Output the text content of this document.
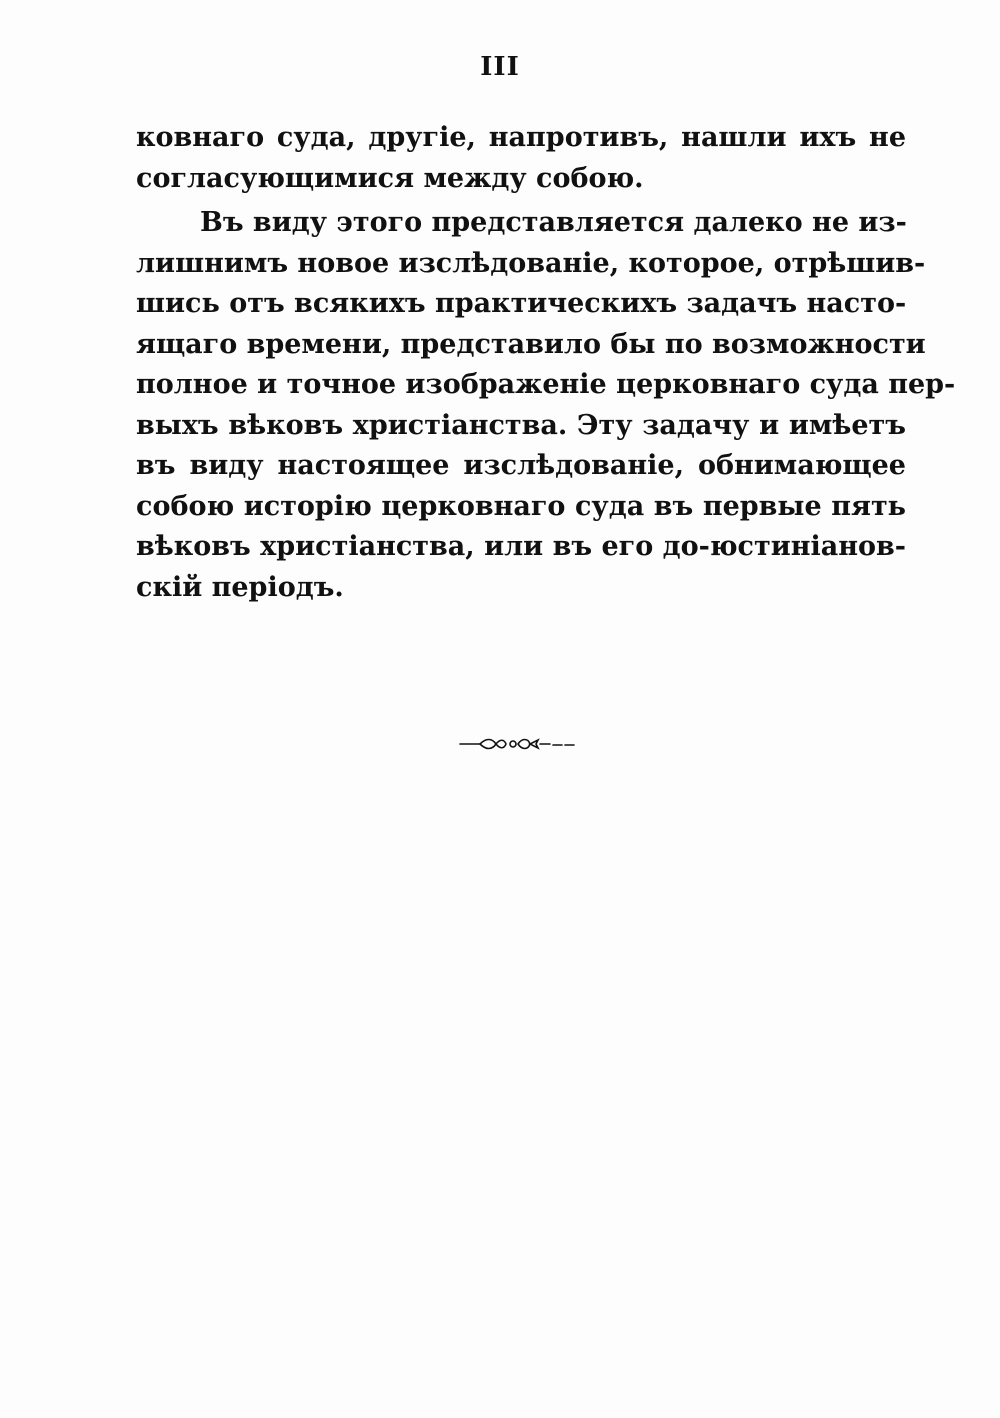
III
ковнаго суда, другіе, напротивъ, нашли ихъ не
согласующимися между собою.
Въ виду этого представляется далеко не из-
лишнимъ новое изслѣдованіе, которое, отрѣшив-
шись отъ всякихъ практическихъ задачъ насто-
ящаго времени, представило бы по возможности
полное и точное изображеніе церковнаго суда пер-
выхъ вѣковъ христіанства. Эту задачу и имѣетъ
въ виду настоящее изслѣдованіе, обнимающее
собою исторію церковнаго суда въ первые пять
вѣковъ христіанства, или въ его до-юстиніанов-
скій періодъ.
